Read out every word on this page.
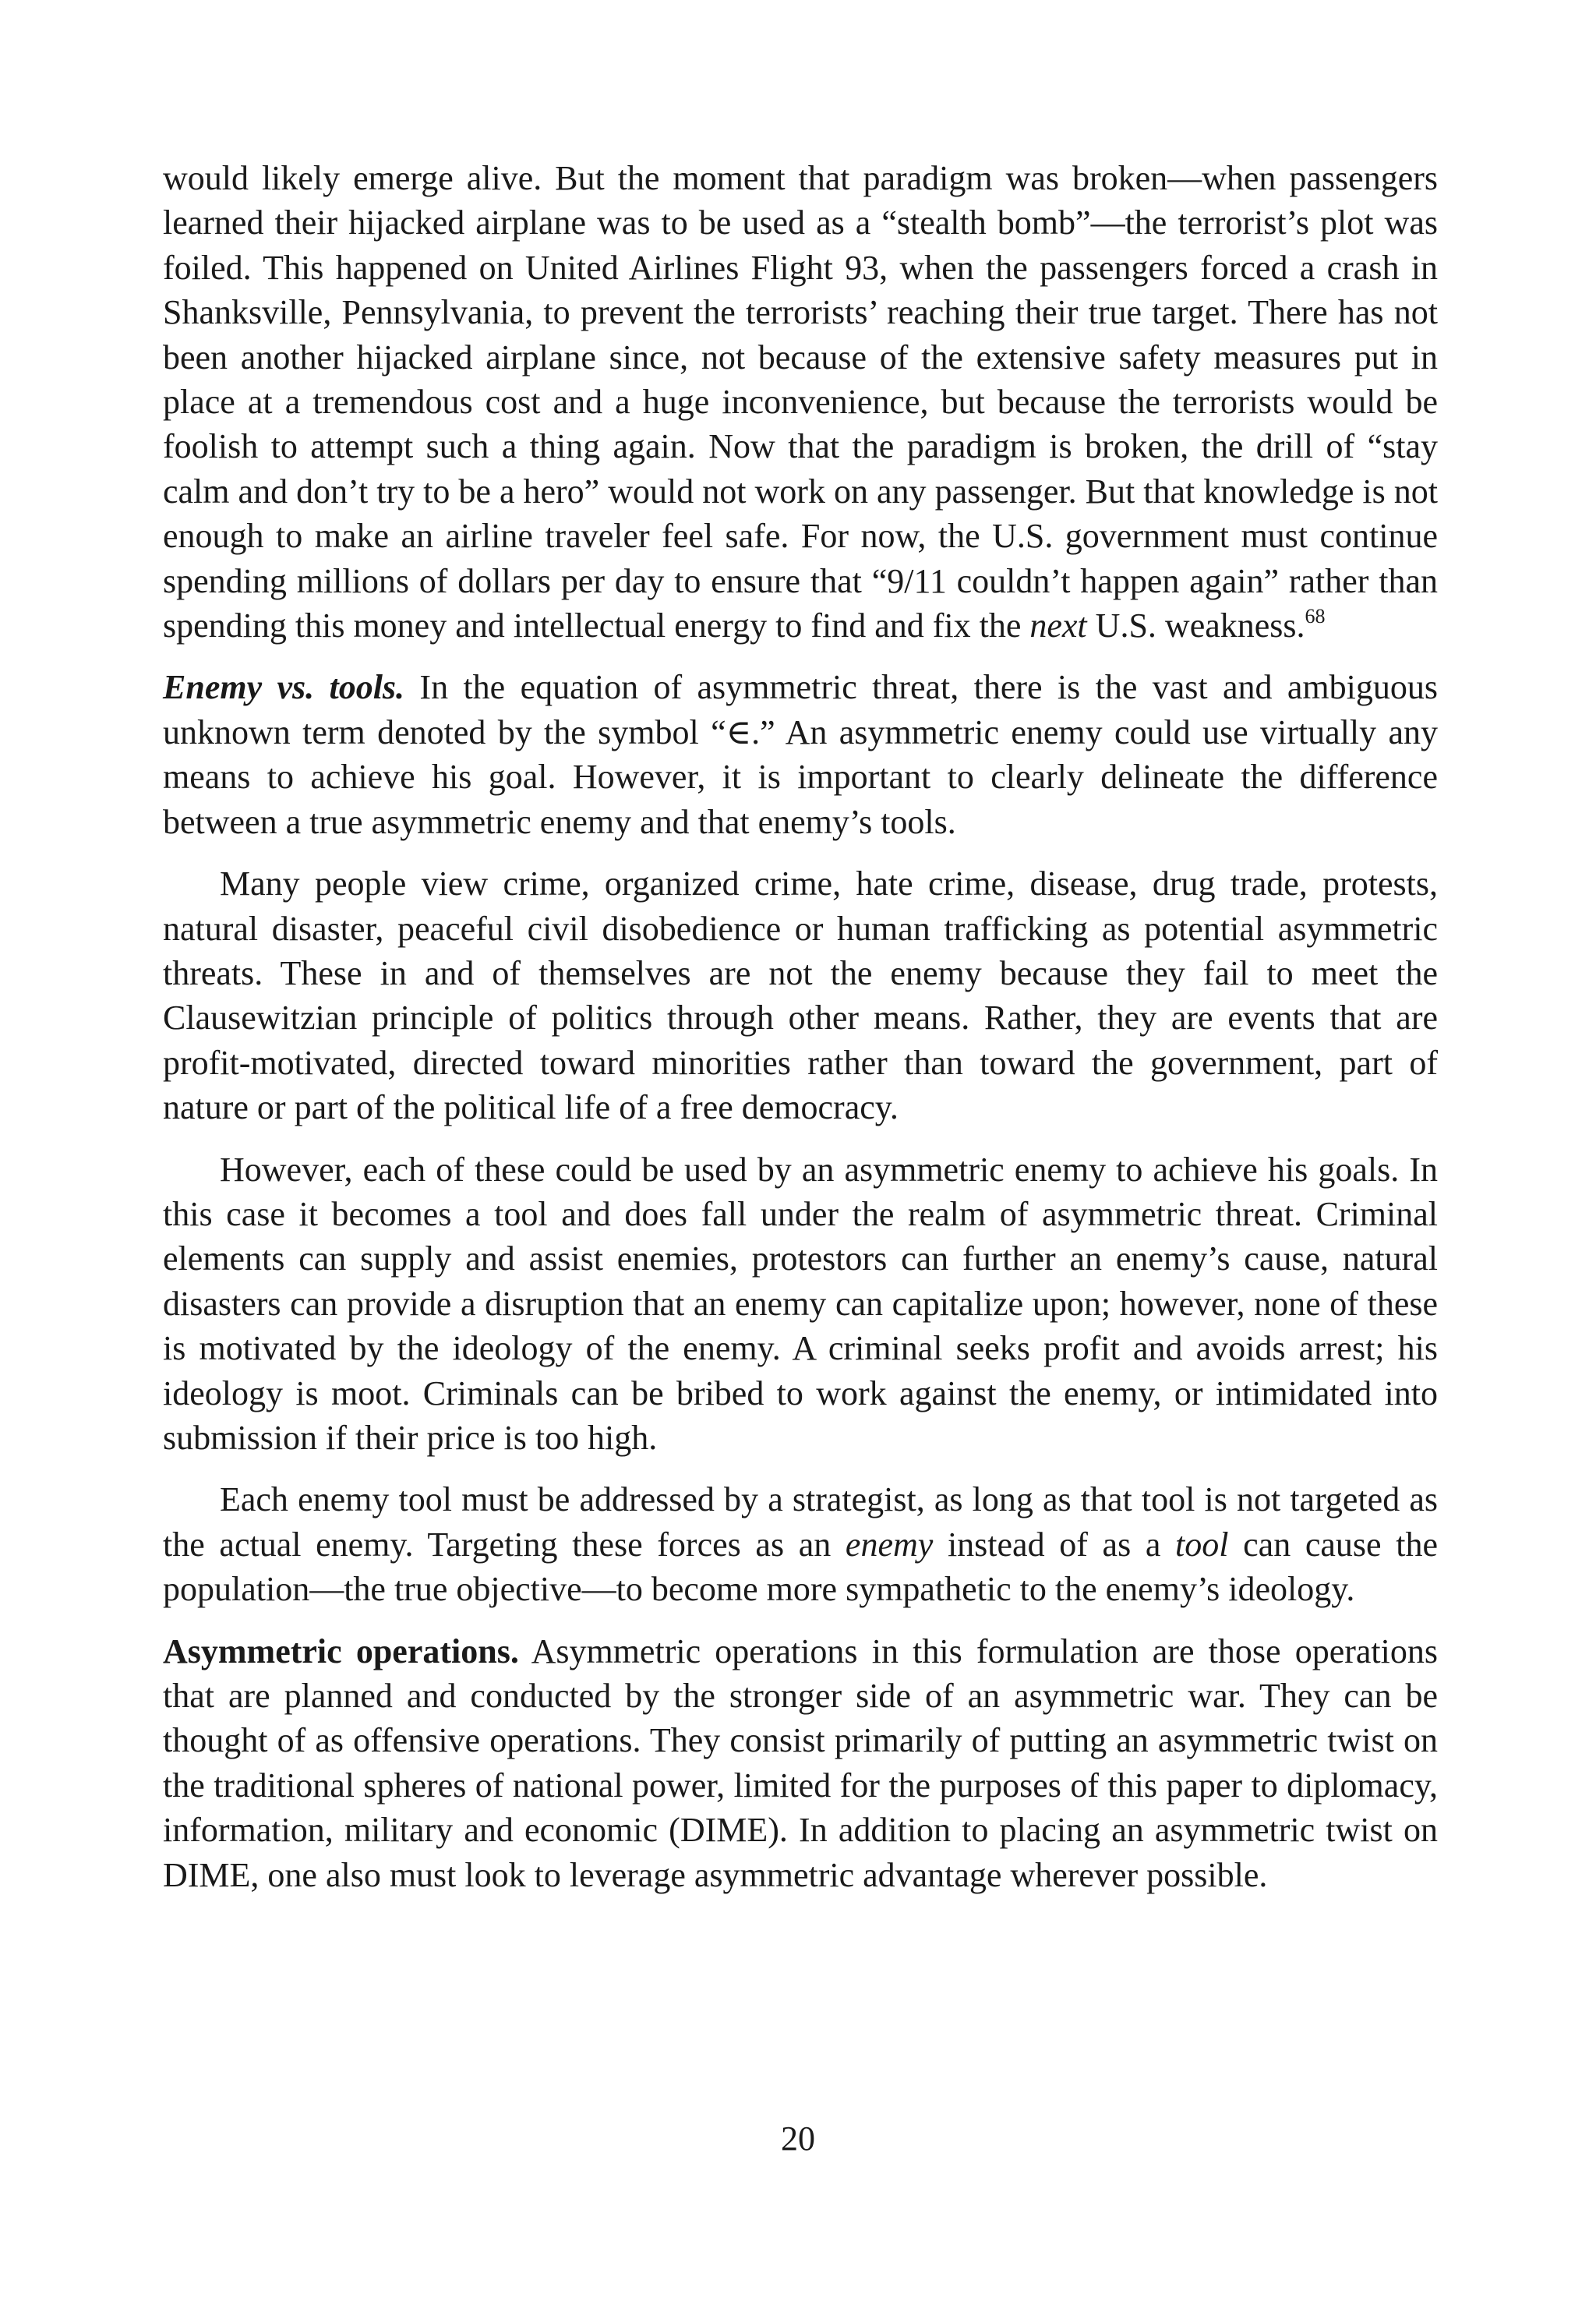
would likely emerge alive. But the moment that paradigm was broken—when passengers learned their hijacked airplane was to be used as a “stealth bomb”—the terrorist’s plot was foiled. This happened on United Airlines Flight 93, when the passengers forced a crash in Shanksville, Pennsylvania, to prevent the terrorists’ reaching their true target. There has not been another hijacked airplane since, not because of the extensive safety measures put in place at a tremendous cost and a huge inconvenience, but because the terrorists would be foolish to attempt such a thing again. Now that the paradigm is broken, the drill of “stay calm and don’t try to be a hero” would not work on any passenger. But that knowledge is not enough to make an airline traveler feel safe. For now, the U.S. government must continue spending millions of dollars per day to ensure that “9/11 couldn’t happen again” rather than spending this money and intellectual energy to find and fix the next U.S. weakness.$^{68}$

Enemy vs. tools. In the equation of asymmetric threat, there is the vast and ambiguous unknown term denoted by the symbol “∈.” An asymmetric enemy could use virtually any means to achieve his goal. However, it is important to clearly delineate the difference between a true asymmetric enemy and that enemy’s tools.

Many people view crime, organized crime, hate crime, disease, drug trade, protests, natural disaster, peaceful civil disobedience or human trafficking as potential asymmetric threats. These in and of themselves are not the enemy because they fail to meet the Clausewitzian principle of politics through other means. Rather, they are events that are profit-motivated, directed toward minorities rather than toward the government, part of nature or part of the political life of a free democracy.

However, each of these could be used by an asymmetric enemy to achieve his goals. In this case it becomes a tool and does fall under the realm of asymmetric threat. Criminal elements can supply and assist enemies, protestors can further an enemy’s cause, natural disasters can provide a disruption that an enemy can capitalize upon; however, none of these is motivated by the ideology of the enemy. A criminal seeks profit and avoids arrest; his ideology is moot. Criminals can be bribed to work against the enemy, or intimidated into submission if their price is too high.

Each enemy tool must be addressed by a strategist, as long as that tool is not targeted as the actual enemy. Targeting these forces as an enemy instead of as a tool can cause the population—the true objective—to become more sympathetic to the enemy’s ideology.

Asymmetric operations. Asymmetric operations in this formulation are those operations that are planned and conducted by the stronger side of an asymmetric war. They can be thought of as offensive operations. They consist primarily of putting an asymmetric twist on the traditional spheres of national power, limited for the purposes of this paper to diplomacy, information, military and economic (DIME). In addition to placing an asymmetric twist on DIME, one also must look to leverage asymmetric advantage wherever possible.

20
